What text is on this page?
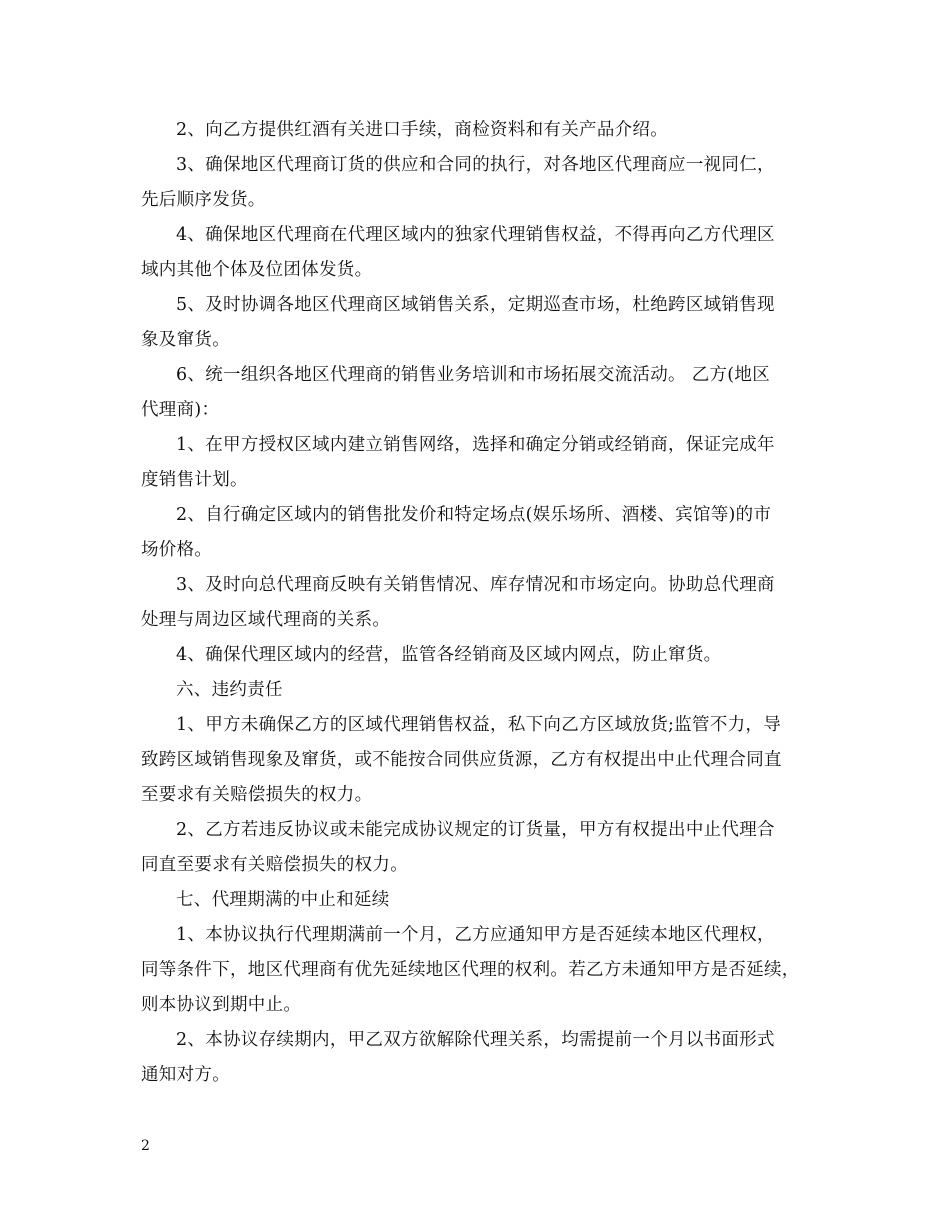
2、向乙方提供红酒有关进口手续，商检资料和有关产品介绍。
3、确保地区代理商订货的供应和合同的执行，对各地区代理商应一视同仁，
先后顺序发货。
4、确保地区代理商在代理区域内的独家代理销售权益，不得再向乙方代理区
域内其他个体及位团体发货。
5、及时协调各地区代理商区域销售关系，定期巡查市场，杜绝跨区域销售现
象及窜货。
6、统一组织各地区代理商的销售业务培训和市场拓展交流活动。 乙方(地区
代理商)：
1、在甲方授权区域内建立销售网络，选择和确定分销或经销商，保证完成年
度销售计划。
2、自行确定区域内的销售批发价和特定场点(娱乐场所、酒楼、宾馆等)的市
场价格。
3、及时向总代理商反映有关销售情况、库存情况和市场定向。协助总代理商
处理与周边区域代理商的关系。
4、确保代理区域内的经营，监管各经销商及区域内网点，防止窜货。
六、违约责任
1、甲方未确保乙方的区域代理销售权益，私下向乙方区域放货;监管不力，导
致跨区域销售现象及窜货，或不能按合同供应货源，乙方有权提出中止代理合同直
至要求有关赔偿损失的权力。
2、乙方若违反协议或未能完成协议规定的订货量，甲方有权提出中止代理合
同直至要求有关赔偿损失的权力。
七、代理期满的中止和延续
1、本协议执行代理期满前一个月，乙方应通知甲方是否延续本地区代理权，
同等条件下，地区代理商有优先延续地区代理的权利。若乙方未通知甲方是否延续，
则本协议到期中止。
2、本协议存续期内，甲乙双方欲解除代理关系，均需提前一个月以书面形式
通知对方。
2
